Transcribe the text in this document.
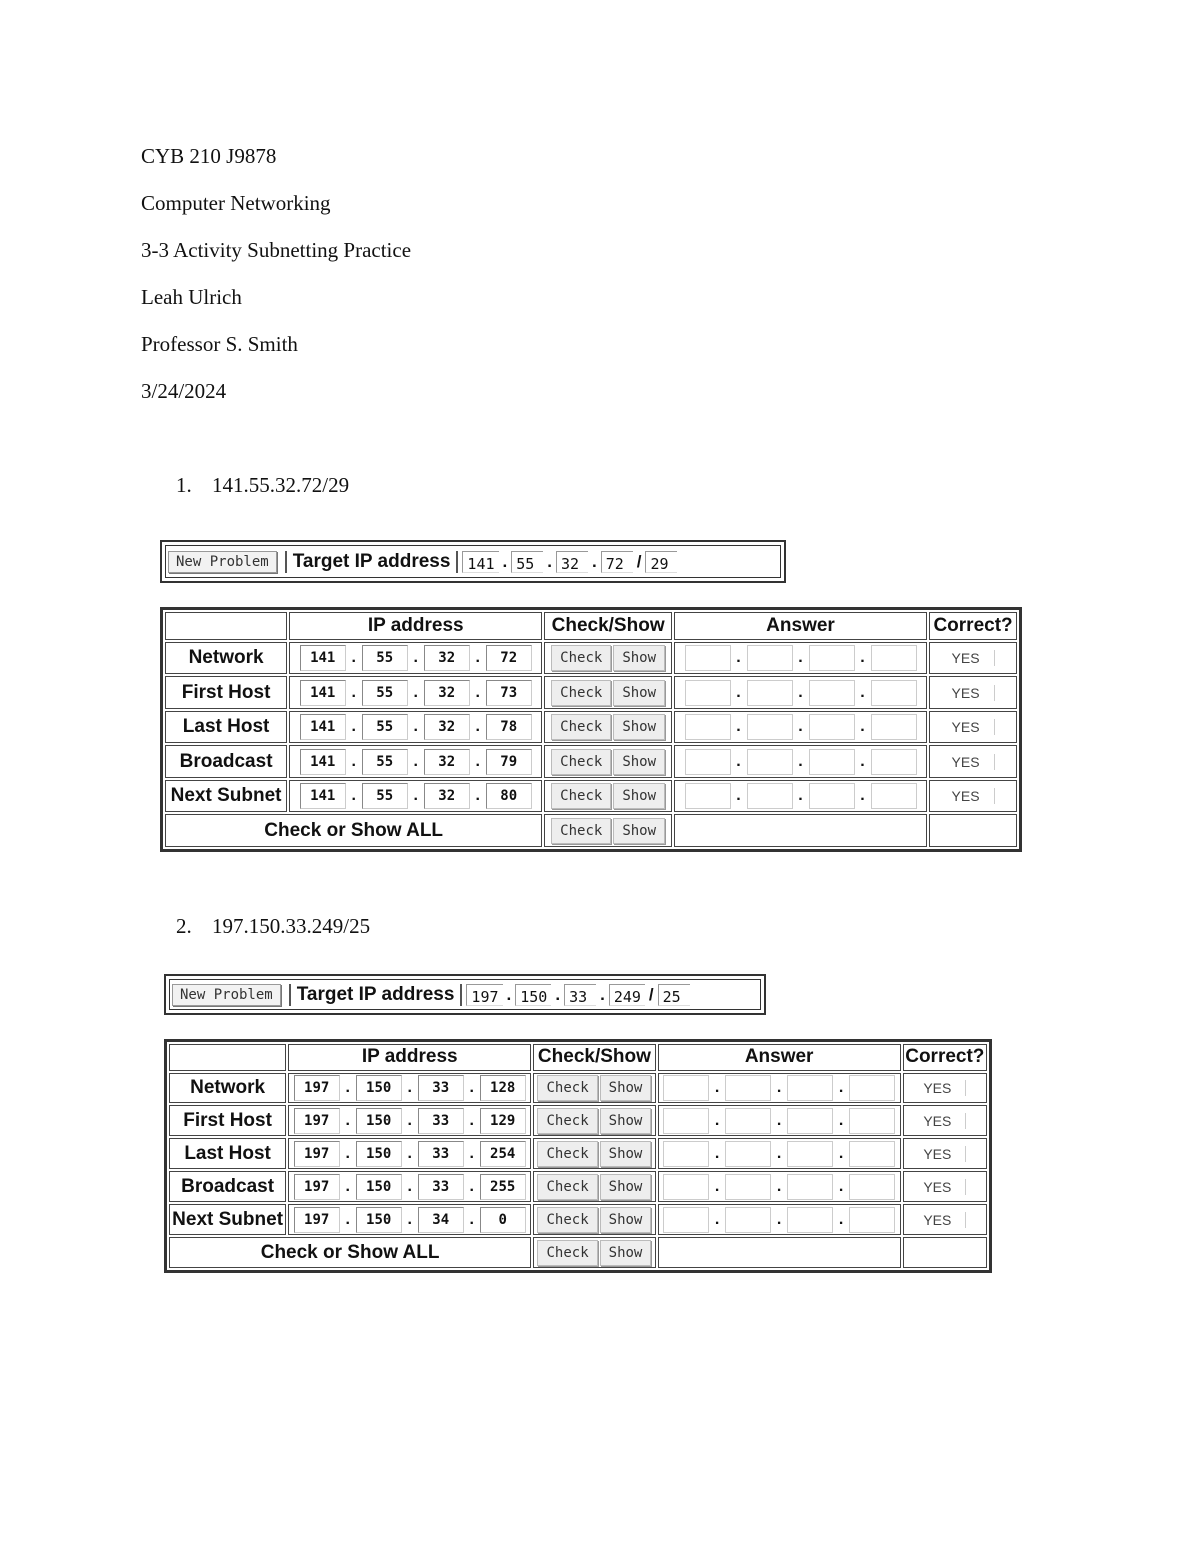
CYB 210 J9878
Computer Networking
3-3 Activity Subnetting Practice
Leah Ulrich
Professor S. Smith
3/24/2024
1. 141.55.32.72/29
2. 197.150.33.249/25
New Problem	Target IP address	141 . 55 . 32 . 72 / 29
New Problem	Target IP address	197 . 150 . 33 . 249 / 25
	IP address	Check/Show	Answer	Correct?
Network	141 . 55 . 32 . 72	Check Show	. . .	YES
First Host	141 . 55 . 32 . 73	Check Show	. . .	YES
Last Host	141 . 55 . 32 . 78	Check Show	. . .	YES
Broadcast	141 . 55 . 32 . 79	Check Show	. . .	YES
Next Subnet	141 . 55 . 32 . 80	Check Show	. . .	YES
Check or Show ALL		Check Show		
	IP address	Check/Show	Answer	Correct?
Network	197 . 150 . 33 . 128	Check Show	. . .	YES
First Host	197 . 150 . 33 . 129	Check Show	. . .	YES
Last Host	197 . 150 . 33 . 254	Check Show	. . .	YES
Broadcast	197 . 150 . 33 . 255	Check Show	. . .	YES
Next Subnet	197 . 150 . 34 . 0	Check Show	. . .	YES
Check or Show ALL		Check Show		
